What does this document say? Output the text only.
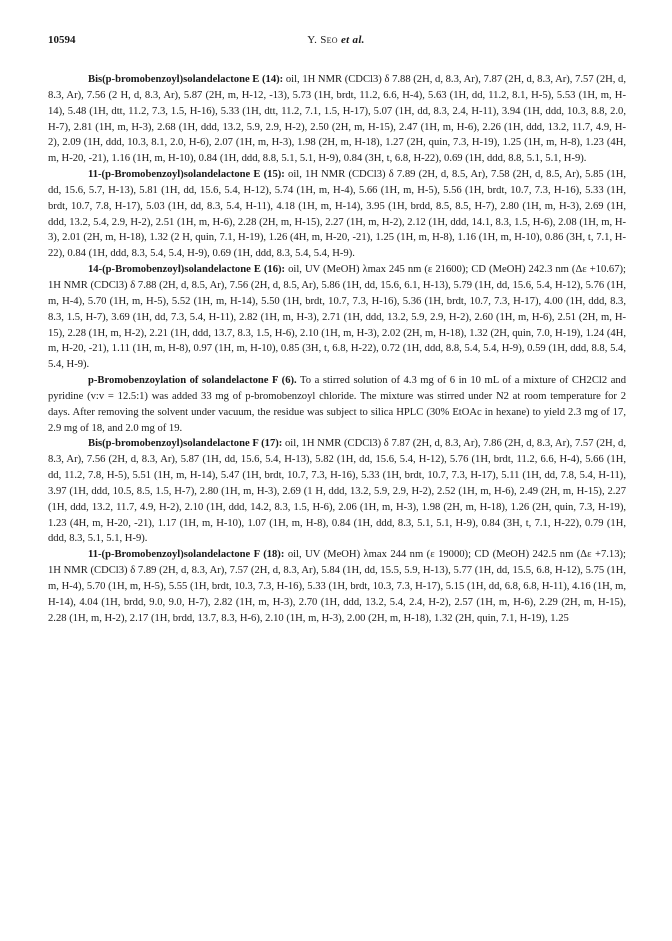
10594	Y. Seo et al.

Bis(p-bromobenzoyl)solandelactone E (14): oil, 1H NMR (CDCl3) δ 7.88 (2H, d, 8.3, Ar), 7.87 (2H, d, 8.3, Ar), 7.57 (2H, d, 8.3, Ar), 7.56 (2 H, d, 8.3, Ar), 5.87 (2H, m, H-12, -13), 5.73 (1H, brdt, 11.2, 6.6, H-4), 5.63 (1H, dd, 11.2, 8.1, H-5), 5.53 (1H, m, H-14), 5.48 (1H, dtt, 11.2, 7.3, 1.5, H-16), 5.33 (1H, dtt, 11.2, 7.1, 1.5, H-17), 5.07 (1H, dd, 8.3, 2.4, H-11), 3.94 (1H, ddd, 10.3, 8.8, 2.0, H-7), 2.81 (1H, m, H-3), 2.68 (1H, ddd, 13.2, 5.9, 2.9, H-2), 2.50 (2H, m, H-15), 2.47 (1H, m, H-6), 2.26 (1H, ddd, 13.2, 11.7, 4.9, H-2), 2.09 (1H, ddd, 10.3, 8.1, 2.0, H-6), 2.07 (1H, m, H-3), 1.98 (2H, m, H-18), 1.27 (2H, quin, 7.3, H-19), 1.25 (1H, m, H-8), 1.23 (4H, m, H-20, -21), 1.16 (1H, m, H-10), 0.84 (1H, ddd, 8.8, 5.1, 5.1, H-9), 0.84 (3H, t, 6.8, H-22), 0.69 (1H, ddd, 8.8, 5.1, 5.1, H-9).

11-(p-Bromobenzoyl)solandelactone E (15): oil, 1H NMR (CDCl3) δ 7.89 (2H, d, 8.5, Ar), 7.58 (2H, d, 8.5, Ar), 5.85 (1H, dd, 15.6, 5.7, H-13), 5.81 (1H, dd, 15.6, 5.4, H-12), 5.74 (1H, m, H-4), 5.66 (1H, m, H-5), 5.56 (1H, brdt, 10.7, 7.3, H-16), 5.33 (1H, brdt, 10.7, 7.8, H-17), 5.03 (1H, dd, 8.3, 5.4, H-11), 4.18 (1H, m, H-14), 3.95 (1H, brdd, 8.5, 8.5, H-7), 2.80 (1H, m, H-3), 2.69 (1H, ddd, 13.2, 5.4, 2.9, H-2), 2.51 (1H, m, H-6), 2.28 (2H, m, H-15), 2.27 (1H, m, H-2), 2.12 (1H, ddd, 14.1, 8.3, 1.5, H-6), 2.08 (1H, m, H-3), 2.01 (2H, m, H-18), 1.32 (2 H, quin, 7.1, H-19), 1.26 (4H, m, H-20, -21), 1.25 (1H, m, H-8), 1.16 (1H, m, H-10), 0.86 (3H, t, 7.1, H-22), 0.84 (1H, ddd, 8.3, 5.4, 5.4, H-9), 0.69 (1H, ddd, 8.3, 5.4, 5.4, H-9).

14-(p-Bromobenzoyl)solandelactone E (16): oil, UV (MeOH) λmax 245 nm (ε 21600); CD (MeOH) 242.3 nm (Δε +10.67); 1H NMR (CDCl3) δ 7.88 (2H, d, 8.5, Ar), 7.56 (2H, d, 8.5, Ar), 5.86 (1H, dd, 15.6, 6.1, H-13), 5.79 (1H, dd, 15.6, 5.4, H-12), 5.76 (1H, m, H-4), 5.70 (1H, m, H-5), 5.52 (1H, m, H-14), 5.50 (1H, brdt, 10.7, 7.3, H-16), 5.36 (1H, brdt, 10.7, 7.3, H-17), 4.00 (1H, ddd, 8.3, 8.3, 1.5, H-7), 3.69 (1H, dd, 7.3, 5.4, H-11), 2.82 (1H, m, H-3), 2.71 (1H, ddd, 13.2, 5.9, 2.9, H-2), 2.60 (1H, m, H-6), 2.51 (2H, m, H-15), 2.28 (1H, m, H-2), 2.21 (1H, ddd, 13.7, 8.3, 1.5, H-6), 2.10 (1H, m, H-3), 2.02 (2H, m, H-18), 1.32 (2H, quin, 7.0, H-19), 1.24 (4H, m, H-20, -21), 1.11 (1H, m, H-8), 0.97 (1H, m, H-10), 0.85 (3H, t, 6.8, H-22), 0.72 (1H, ddd, 8.8, 5.4, 5.4, H-9), 0.59 (1H, ddd, 8.8, 5.4, 5.4, H-9).

p-Bromobenzoylation of solandelactone F (6). To a stirred solution of 4.3 mg of 6 in 10 mL of a mixture of CH2Cl2 and pyridine (v:v = 12.5:1) was added 33 mg of p-bromobenzoyl chloride. The mixture was stirred under N2 at room temperature for 2 days. After removing the solvent under vacuum, the residue was subject to silica HPLC (30% EtOAc in hexane) to yield 2.3 mg of 17, 2.9 mg of 18, and 2.0 mg of 19.

Bis(p-bromobenzoyl)solandelactone F (17): oil, 1H NMR (CDCl3) δ 7.87 (2H, d, 8.3, Ar), 7.86 (2H, d, 8.3, Ar), 7.57 (2H, d, 8.3, Ar), 7.56 (2H, d, 8.3, Ar), 5.87 (1H, dd, 15.6, 5.4, H-13), 5.82 (1H, dd, 15.6, 5.4, H-12), 5.76 (1H, brdt, 11.2, 6.6, H-4), 5.66 (1H, dd, 11.2, 7.8, H-5), 5.51 (1H, m, H-14), 5.47 (1H, brdt, 10.7, 7.3, H-16), 5.33 (1H, brdt, 10.7, 7.3, H-17), 5.11 (1H, dd, 7.8, 5.4, H-11), 3.97 (1H, ddd, 10.5, 8.5, 1.5, H-7), 2.80 (1H, m, H-3), 2.69 (1 H, ddd, 13.2, 5.9, 2.9, H-2), 2.52 (1H, m, H-6), 2.49 (2H, m, H-15), 2.27 (1H, ddd, 13.2, 11.7, 4.9, H-2), 2.10 (1H, ddd, 14.2, 8.3, 1.5, H-6), 2.06 (1H, m, H-3), 1.98 (2H, m, H-18), 1.26 (2H, quin, 7.3, H-19), 1.23 (4H, m, H-20, -21), 1.17 (1H, m, H-10), 1.07 (1H, m, H-8), 0.84 (1H, ddd, 8.3, 5.1, 5.1, H-9), 0.84 (3H, t, 7.1, H-22), 0.79 (1H, ddd, 8.3, 5.1, 5.1, H-9).

11-(p-Bromobenzoyl)solandelactone F (18): oil, UV (MeOH) λmax 244 nm (ε 19000); CD (MeOH) 242.5 nm (Δε +7.13); 1H NMR (CDCl3) δ 7.89 (2H, d, 8.3, Ar), 7.57 (2H, d, 8.3, Ar), 5.84 (1H, dd, 15.5, 5.9, H-13), 5.77 (1H, dd, 15.5, 6.8, H-12), 5.75 (1H, m, H-4), 5.70 (1H, m, H-5), 5.55 (1H, brdt, 10.3, 7.3, H-16), 5.33 (1H, brdt, 10.3, 7.3, H-17), 5.15 (1H, dd, 6.8, 6.8, H-11), 4.16 (1H, m, H-14), 4.04 (1H, brdd, 9.0, 9.0, H-7), 2.82 (1H, m, H-3), 2.70 (1H, ddd, 13.2, 5.4, 2.4, H-2), 2.57 (1H, m, H-6), 2.29 (2H, m, H-15), 2.28 (1H, m, H-2), 2.17 (1H, brdd, 13.7, 8.3, H-6), 2.10 (1H, m, H-3), 2.00 (2H, m, H-18), 1.32 (2H, quin, 7.1, H-19), 1.25
